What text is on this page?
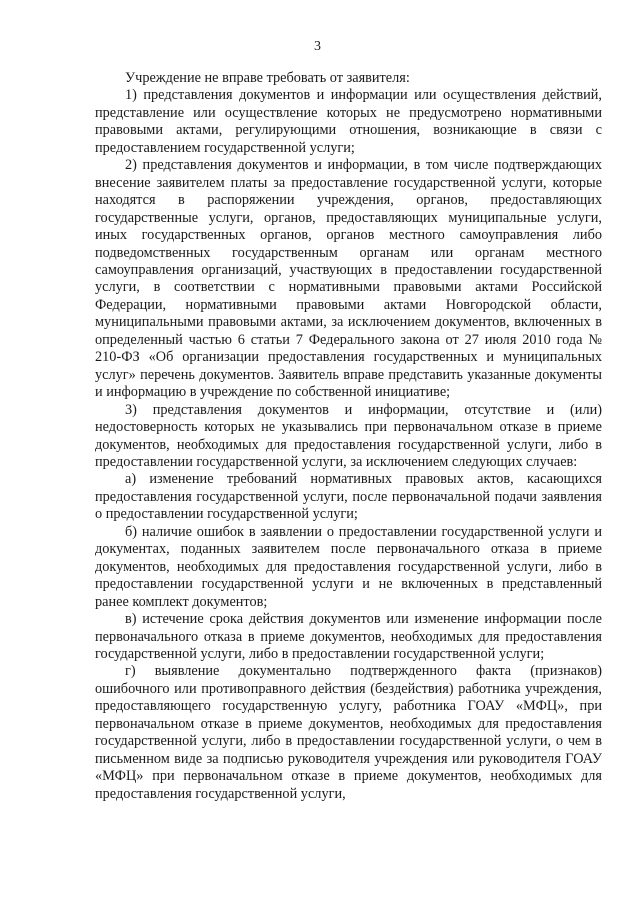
3

Учреждение не вправе требовать от заявителя:

1) представления документов и информации или осуществления действий, представление или осуществление которых не предусмотрено нормативными правовыми актами, регулирующими отношения, возникающие в связи с предоставлением государственной услуги;

2) представления документов и информации, в том числе подтверждающих внесение заявителем платы за предоставление государственной услуги, которые находятся в распоряжении учреждения, органов, предоставляющих государственные услуги, органов, предоставляющих муниципальные услуги, иных государственных органов, органов местного самоуправления либо подведомственных государственным органам или органам местного самоуправления организаций, участвующих в предоставлении государственной услуги, в соответствии с нормативными правовыми актами Российской Федерации, нормативными правовыми актами Новгородской области, муниципальными правовыми актами, за исключением документов, включенных в определенный частью 6 статьи 7 Федерального закона от 27 июля 2010 года № 210-ФЗ «Об организации предоставления государственных и муниципальных услуг» перечень документов. Заявитель вправе представить указанные документы и информацию в учреждение по собственной инициативе;

3) представления документов и информации, отсутствие и (или) недостоверность которых не указывались при первоначальном отказе в приеме документов, необходимых для предоставления государственной услуги, либо в предоставлении государственной услуги, за исключением следующих случаев:

а) изменение требований нормативных правовых актов, касающихся предоставления государственной услуги, после первоначальной подачи заявления о предоставлении государственной услуги;

б) наличие ошибок в заявлении о предоставлении государственной услуги и документах, поданных заявителем после первоначального отказа в приеме документов, необходимых для предоставления государственной услуги, либо в предоставлении государственной услуги и не включенных в представленный ранее комплект документов;

в) истечение срока действия документов или изменение информации после первоначального отказа в приеме документов, необходимых для предоставления государственной услуги, либо в предоставлении государственной услуги;

г) выявление документально подтвержденного факта (признаков) ошибочного или противоправного действия (бездействия) работника учреждения, предоставляющего государственную услугу, работника ГОАУ «МФЦ», при первоначальном отказе в приеме документов, необходимых для предоставления государственной услуги, либо в предоставлении государственной услуги, о чем в письменном виде за подписью руководителя учреждения или руководителя ГОАУ «МФЦ» при первоначальном отказе в приеме документов, необходимых для предоставления государственной услуги,
